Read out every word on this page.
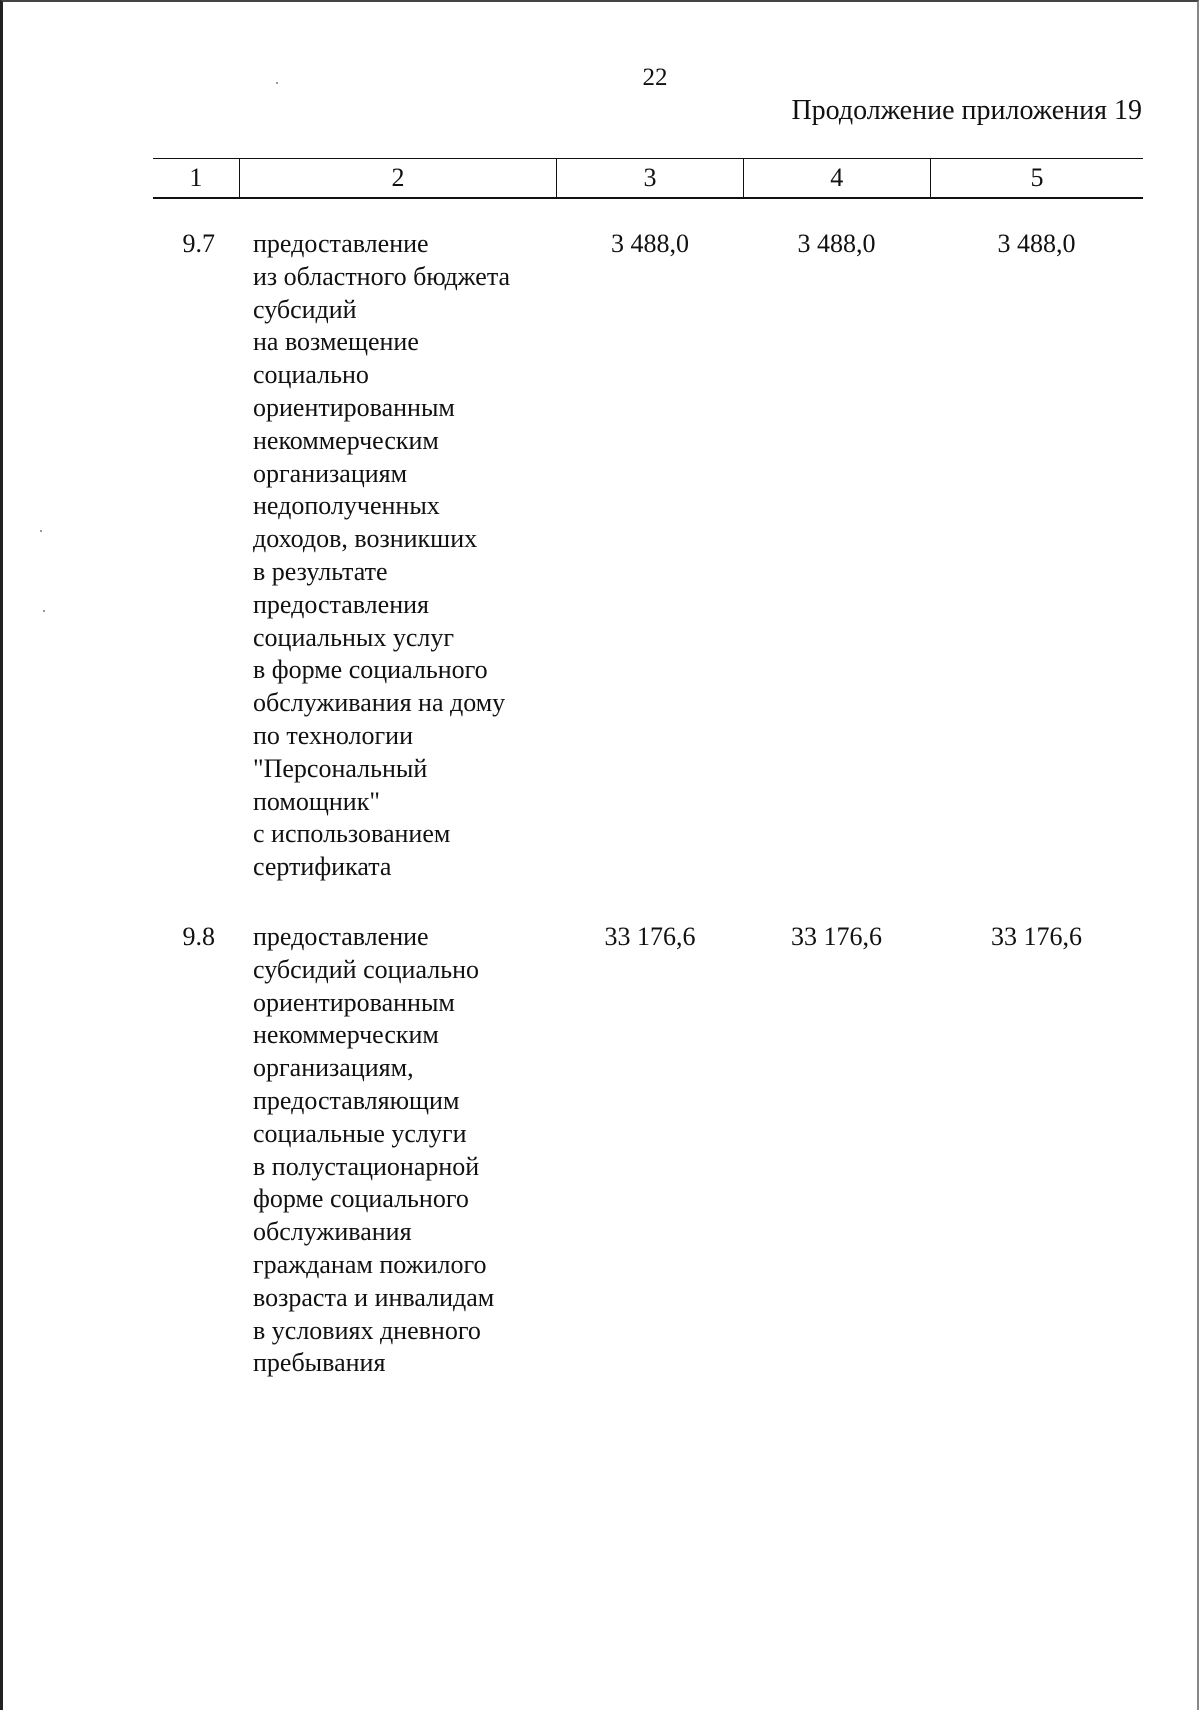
22
Продолжение приложения 19
1	2	3	4	5
9.7 предоставление
из областного бюджета
субсидий
на возмещение
социально
ориентированным
некоммерческим
организациям
недополученных
доходов, возникших
в результате
предоставления
социальных услуг
в форме социального
обслуживания на дому
по технологии
"Персональный
помощник"
с использованием
сертификата
3 488,0	3 488,0	3 488,0
9.8 предоставление
субсидий социально
ориентированным
некоммерческим
организациям,
предоставляющим
социальные услуги
в полустационарной
форме социального
обслуживания
гражданам пожилого
возраста и инвалидам
в условиях дневного
пребывания
33 176,6	33 176,6	33 176,6
